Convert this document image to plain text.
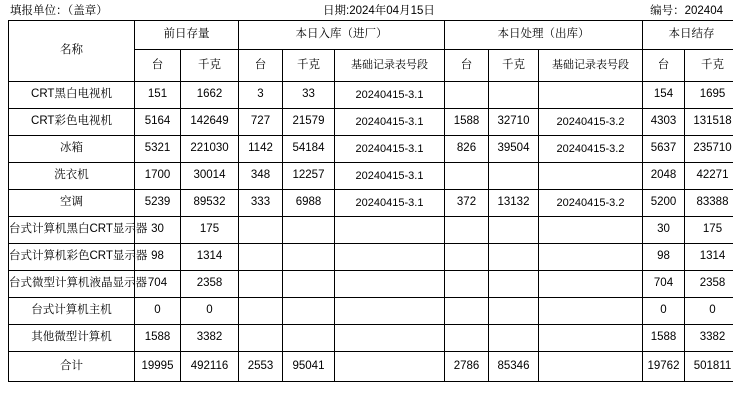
填报单位：（盖章）	日期:2024年04月15日	编号：202404
名称	前日存量		本日入库（进厂）			本日处理（出库）			本日结存	
	台	千克	台	千克	基础记录表号段	台	千克	基础记录表号段	台	千克
CRT黑白电视机	151	1662	3	33	20240415-3.1				154	1695
CRT彩色电视机	5164	142649	727	21579	20240415-3.1	1588	32710	20240415-3.2	4303	131518
冰箱	5321	221030	1142	54184	20240415-3.1	826	39504	20240415-3.2	5637	235710
洗衣机	1700	30014	348	12257	20240415-3.1				2048	42271
空调	5239	89532	333	6988	20240415-3.1	372	13132	20240415-3.2	5200	83388
台式计算机黑白CRT显示器	30	175							30	175
台式计算机彩色CRT显示器	98	1314							98	1314
台式微型计算机液晶显示器	704	2358							704	2358
台式计算机主机	0	0							0	0
其他微型计算机	1588	3382							1588	3382
合计	19995	492116	2553	95041		2786	85346		19762	501811
